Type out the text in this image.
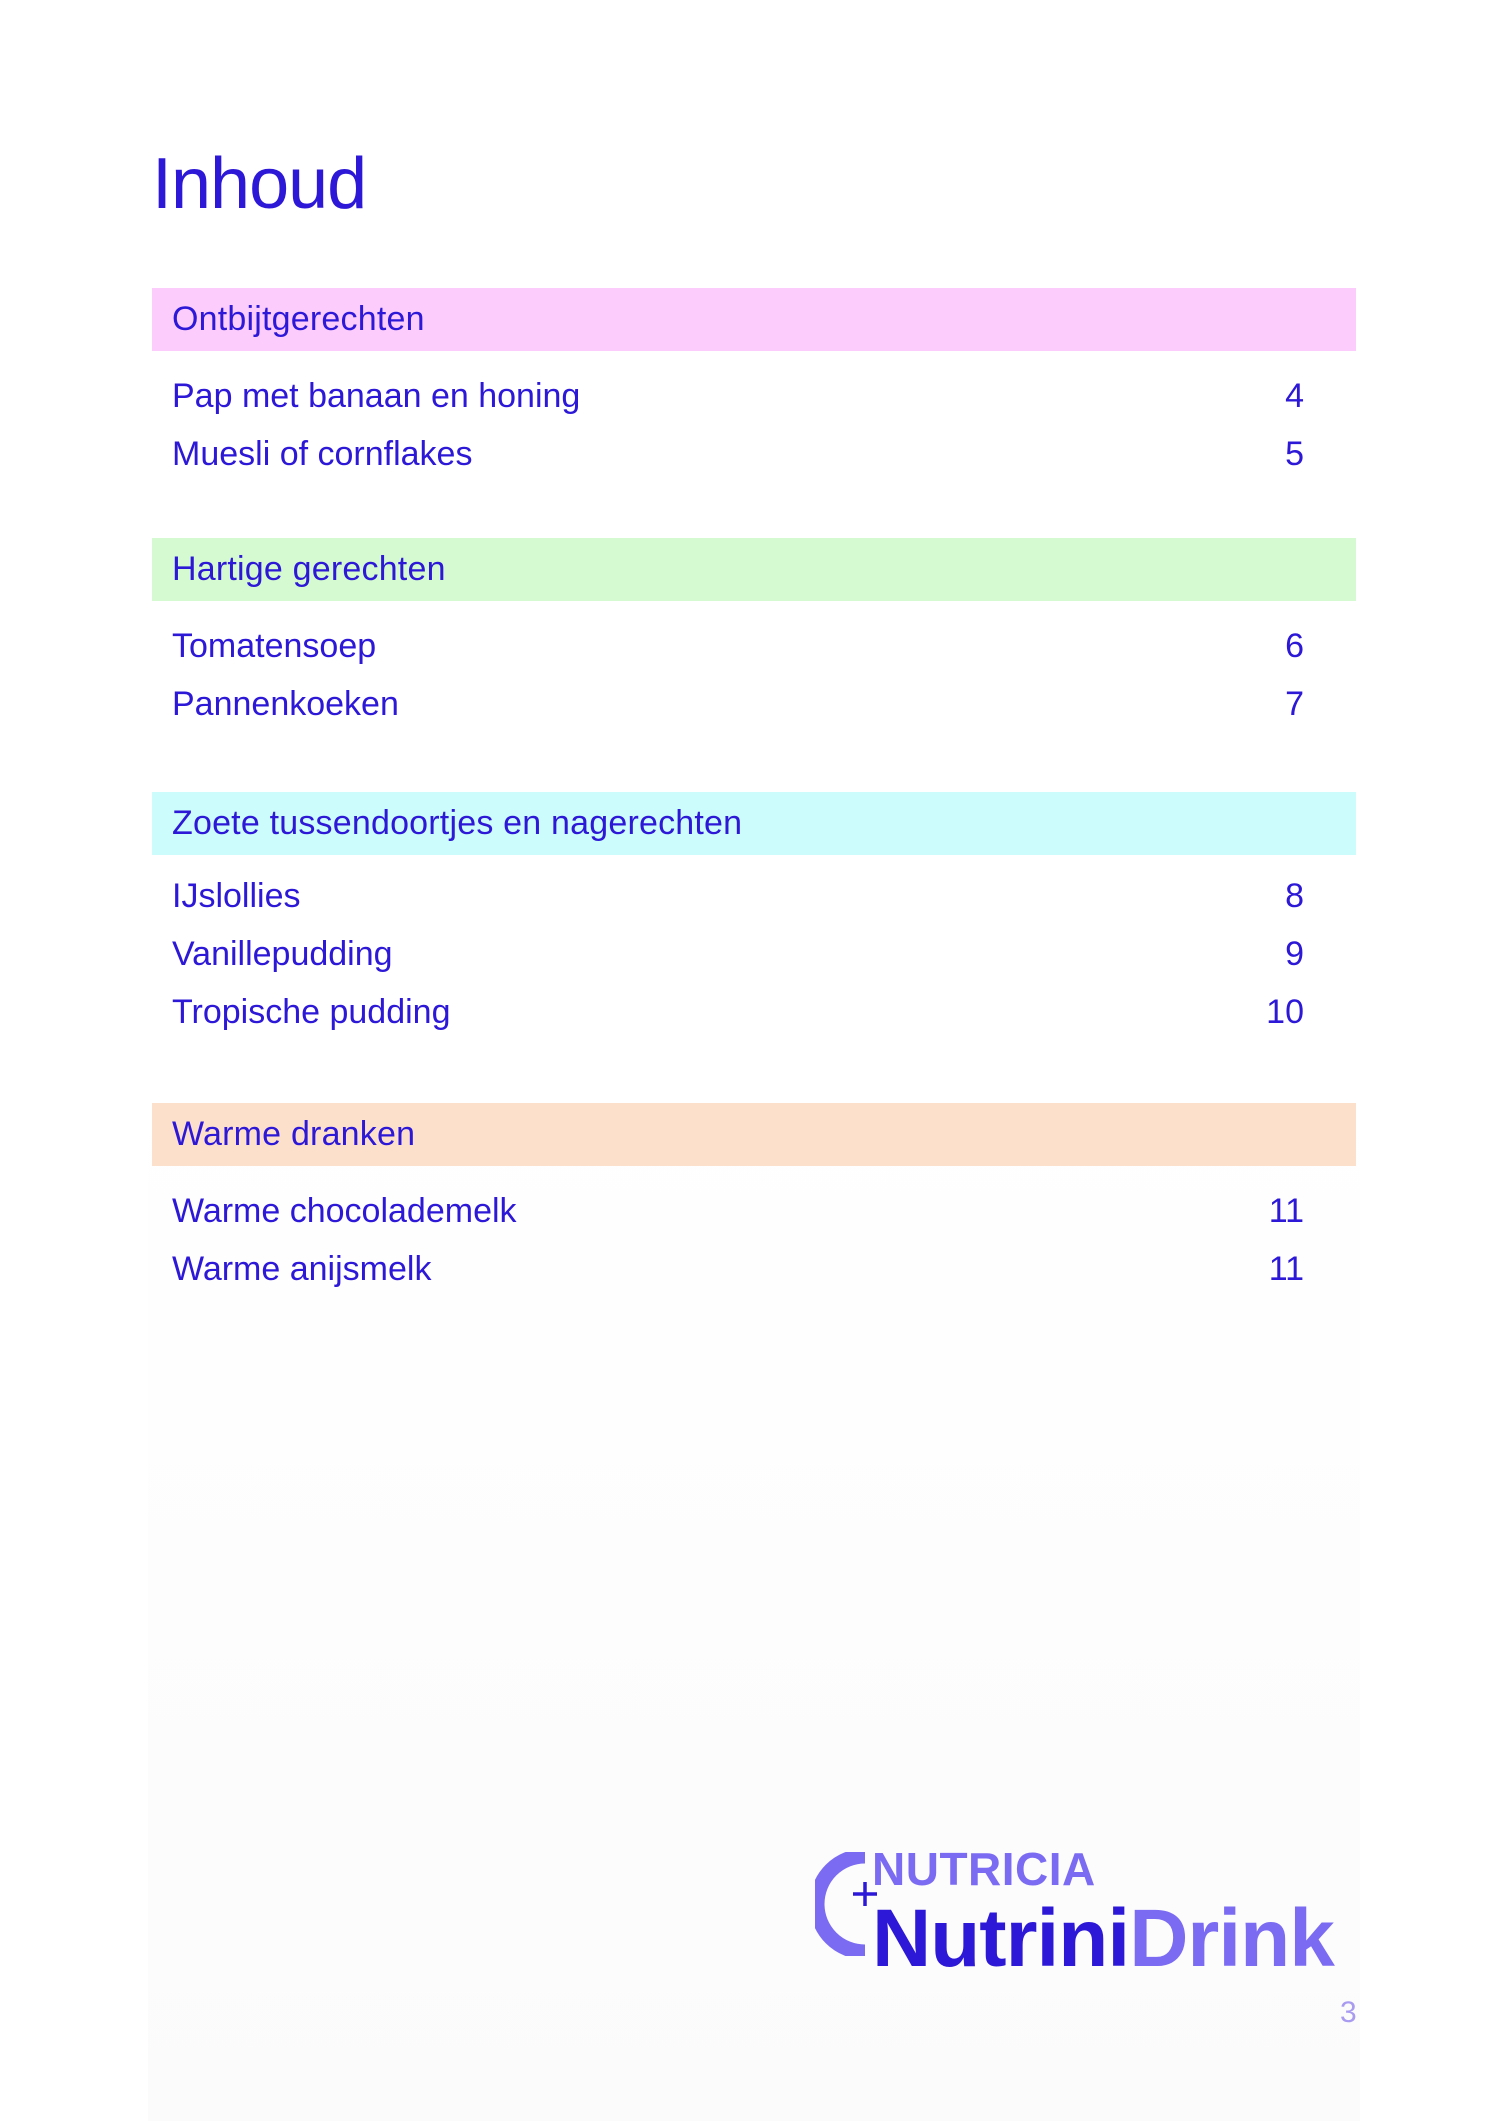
Inhoud
Ontbijtgerechten
Pap met banaan en honing	4
Muesli of cornflakes	5
Hartige gerechten
Tomatensoep	6
Pannenkoeken	7
Zoete tussendoortjes en nagerechten
IJslollies	8
Vanillepudding	9
Tropische pudding	10
Warme dranken
Warme chocolademelk	11
Warme anijsmelk	11
NUTRICIA
NutriniDrink
3
